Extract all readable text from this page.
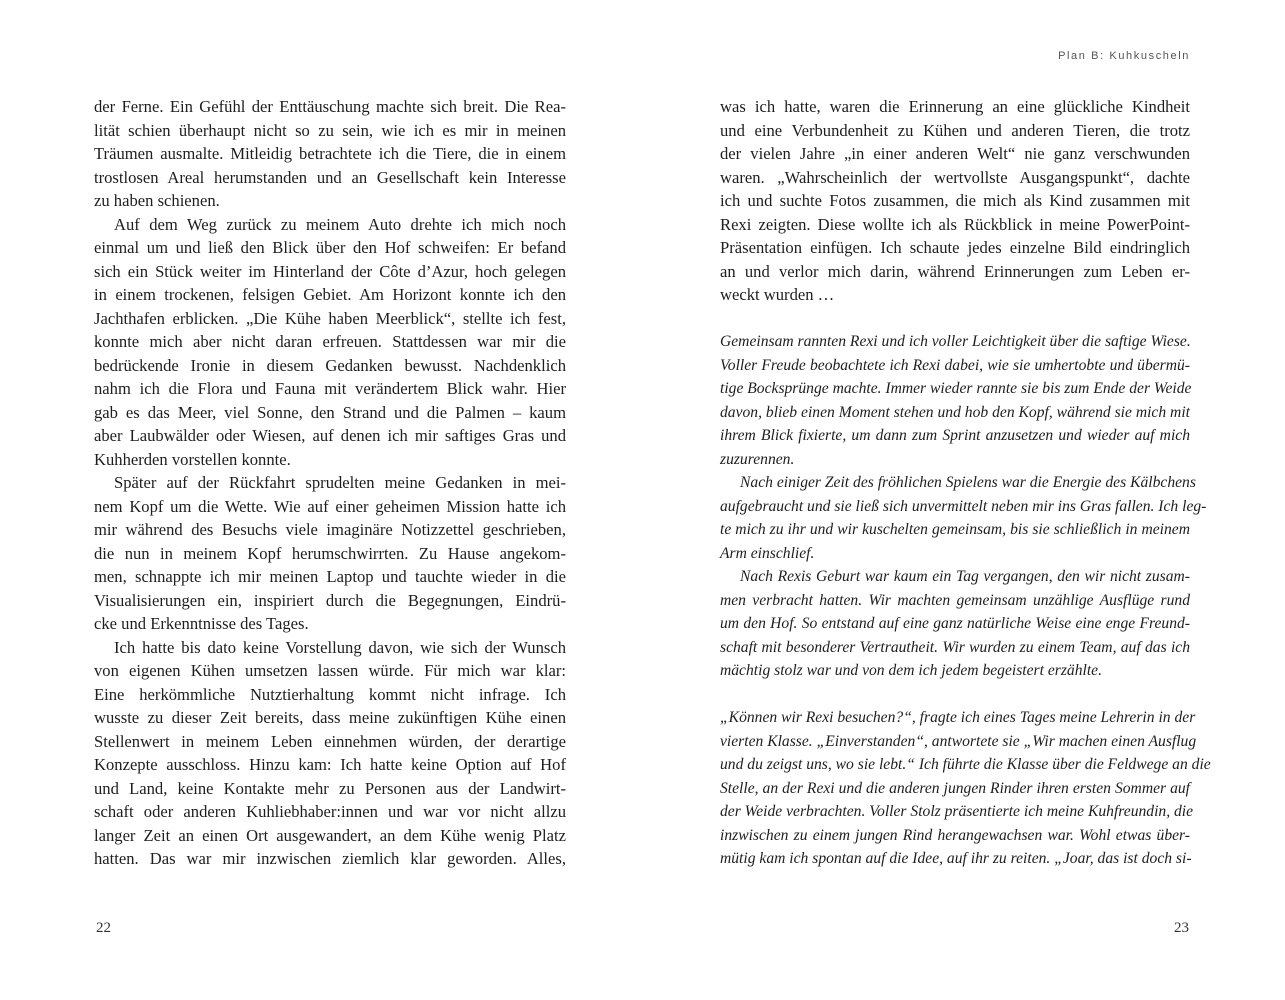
der Ferne. Ein Gefühl der Enttäuschung machte sich breit. Die Rea-
lität schien überhaupt nicht so zu sein, wie ich es mir in meinen
Träumen ausmalte. Mitleidig betrachtete ich die Tiere, die in einem
trostlosen Areal herumstanden und an Gesellschaft kein Interesse
zu haben schienen.
Auf dem Weg zurück zu meinem Auto drehte ich mich noch
einmal um und ließ den Blick über den Hof schweifen: Er befand
sich ein Stück weiter im Hinterland der Côte d’Azur, hoch gelegen
in einem trockenen, felsigen Gebiet. Am Horizont konnte ich den
Jachthafen erblicken. „Die Kühe haben Meerblick“, stellte ich fest,
konnte mich aber nicht daran erfreuen. Stattdessen war mir die
bedrückende Ironie in diesem Gedanken bewusst. Nachdenklich
nahm ich die Flora und Fauna mit verändertem Blick wahr. Hier
gab es das Meer, viel Sonne, den Strand und die Palmen – kaum
aber Laubwälder oder Wiesen, auf denen ich mir saftiges Gras und
Kuhherden vorstellen konnte.
Später auf der Rückfahrt sprudelten meine Gedanken in mei-
nem Kopf um die Wette. Wie auf einer geheimen Mission hatte ich
mir während des Besuchs viele imaginäre Notizzettel geschrieben,
die nun in meinem Kopf herumschwirrten. Zu Hause angekom-
men, schnappte ich mir meinen Laptop und tauchte wieder in die
Visualisierungen ein, inspiriert durch die Begegnungen, Eindrü-
cke und Erkenntnisse des Tages.
Ich hatte bis dato keine Vorstellung davon, wie sich der Wunsch
von eigenen Kühen umsetzen lassen würde. Für mich war klar:
Eine herkömmliche Nutztierhaltung kommt nicht infrage. Ich
wusste zu dieser Zeit bereits, dass meine zukünftigen Kühe einen
Stellenwert in meinem Leben einnehmen würden, der derartige
Konzepte ausschloss. Hinzu kam: Ich hatte keine Option auf Hof
und Land, keine Kontakte mehr zu Personen aus der Landwirt-
schaft oder anderen Kuhliebhaber:innen und war vor nicht allzu
langer Zeit an einen Ort ausgewandert, an dem Kühe wenig Platz
hatten. Das war mir inzwischen ziemlich klar geworden. Alles,
22
Plan B: Kuhkuscheln
was ich hatte, waren die Erinnerung an eine glückliche Kindheit
und eine Verbundenheit zu Kühen und anderen Tieren, die trotz
der vielen Jahre „in einer anderen Welt“ nie ganz verschwunden
waren. „Wahrscheinlich der wertvollste Ausgangspunkt“, dachte
ich und suchte Fotos zusammen, die mich als Kind zusammen mit
Rexi zeigten. Diese wollte ich als Rückblick in meine PowerPoint-
Präsentation einfügen. Ich schaute jedes einzelne Bild eindringlich
an und verlor mich darin, während Erinnerungen zum Leben er-
weckt wurden …
Gemeinsam rannten Rexi und ich voller Leichtigkeit über die saftige Wiese.
Voller Freude beobachtete ich Rexi dabei, wie sie umhertobte und übermü-
tige Bocksprünge machte. Immer wieder rannte sie bis zum Ende der Weide
davon, blieb einen Moment stehen und hob den Kopf, während sie mich mit
ihrem Blick fixierte, um dann zum Sprint anzusetzen und wieder auf mich
zuzurennen.
Nach einiger Zeit des fröhlichen Spielens war die Energie des Kälbchens
aufgebraucht und sie ließ sich unvermittelt neben mir ins Gras fallen. Ich leg-
te mich zu ihr und wir kuschelten gemeinsam, bis sie schließlich in meinem
Arm einschlief.
Nach Rexis Geburt war kaum ein Tag vergangen, den wir nicht zusam-
men verbracht hatten. Wir machten gemeinsam unzählige Ausflüge rund
um den Hof. So entstand auf eine ganz natürliche Weise eine enge Freund-
schaft mit besonderer Vertrautheit. Wir wurden zu einem Team, auf das ich
mächtig stolz war und von dem ich jedem begeistert erzählte.
„Können wir Rexi besuchen?“, fragte ich eines Tages meine Lehrerin in der
vierten Klasse. „Einverstanden“, antwortete sie „Wir machen einen Ausflug
und du zeigst uns, wo sie lebt.“ Ich führte die Klasse über die Feldwege an die
Stelle, an der Rexi und die anderen jungen Rinder ihren ersten Sommer auf
der Weide verbrachten. Voller Stolz präsentierte ich meine Kuhfreundin, die
inzwischen zu einem jungen Rind herangewachsen war. Wohl etwas über-
mütig kam ich spontan auf die Idee, auf ihr zu reiten. „Joar, das ist doch si-
23
